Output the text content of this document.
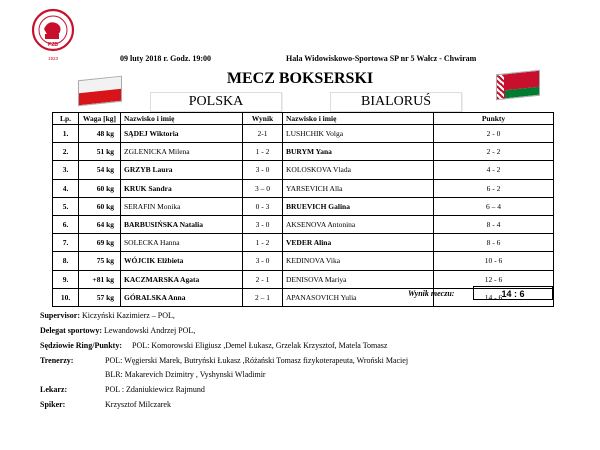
PZB
1923	09 luty 2018 r. Godz. 19:00	Hala Widowiskowo-Sportowa SP nr 5 Wałcz - Chwiram
MECZ BOKSERSKI
POLSKA	BIALORUŚ
Lp.	Waga [kg]	Nazwisko i imię	Wynik	Nazwisko i imię	Punkty
1.	48 kg	SĄDEJ Wiktoria	2-1	LUSHCHIK Volga	2 - 0
2.	51 kg	ZGLENICKA Milena	1 - 2	BURYM Yana	2 - 2
3.	54 kg	GRZYB Laura	3 - 0	KOLOSKOVA Vlada	4 - 2
4.	60 kg	KRUK Sandra	3 – 0	YARSEVICH Alla	6 - 2
5.	60 kg	SERAFIN Monika	0 - 3	BRUEVICH Galina	6 – 4
6.	64 kg	BARBUSIŃSKA Natalia	3 - 0	AKSENOVA Antonina	8 - 4
7.	69 kg	SOLECKA Hanna	1 - 2	VEDER Alina	8 - 6
8.	75 kg	WÓJCIK Elżbieta	3 - 0	KEDINOVA Vika	10 - 6
9.	+81 kg	KACZMARSKA Agata	2 - 1	DENISOVA Mariya	12 - 6
10.	57 kg	GÓRALSKA Anna	2 – 1	APANASOVICH Yulia	14 - 6
Wynik meczu:	14 : 6
Supervisor: Kiczyński Kazimierz – POL,
Delegat sportowy: Lewandowski Andrzej POL,
Sędziowie Ring/Punkty: POL: Komorowski Eligiusz ,Demel Łukasz, Grzelak Krzysztof, Matela Tomasz
Trenerzy:	POL: Węgierski Marek, Butryński Łukasz ,Różański Tomasz fizykoterapeuta, Wroński Maciej
BLR: Makarevich Dzimitry , Vyshynski Wladimir
Lekarz:	POL : Zdaniukiewicz Rajmund
Spiker:	Krzysztof Milczarek
